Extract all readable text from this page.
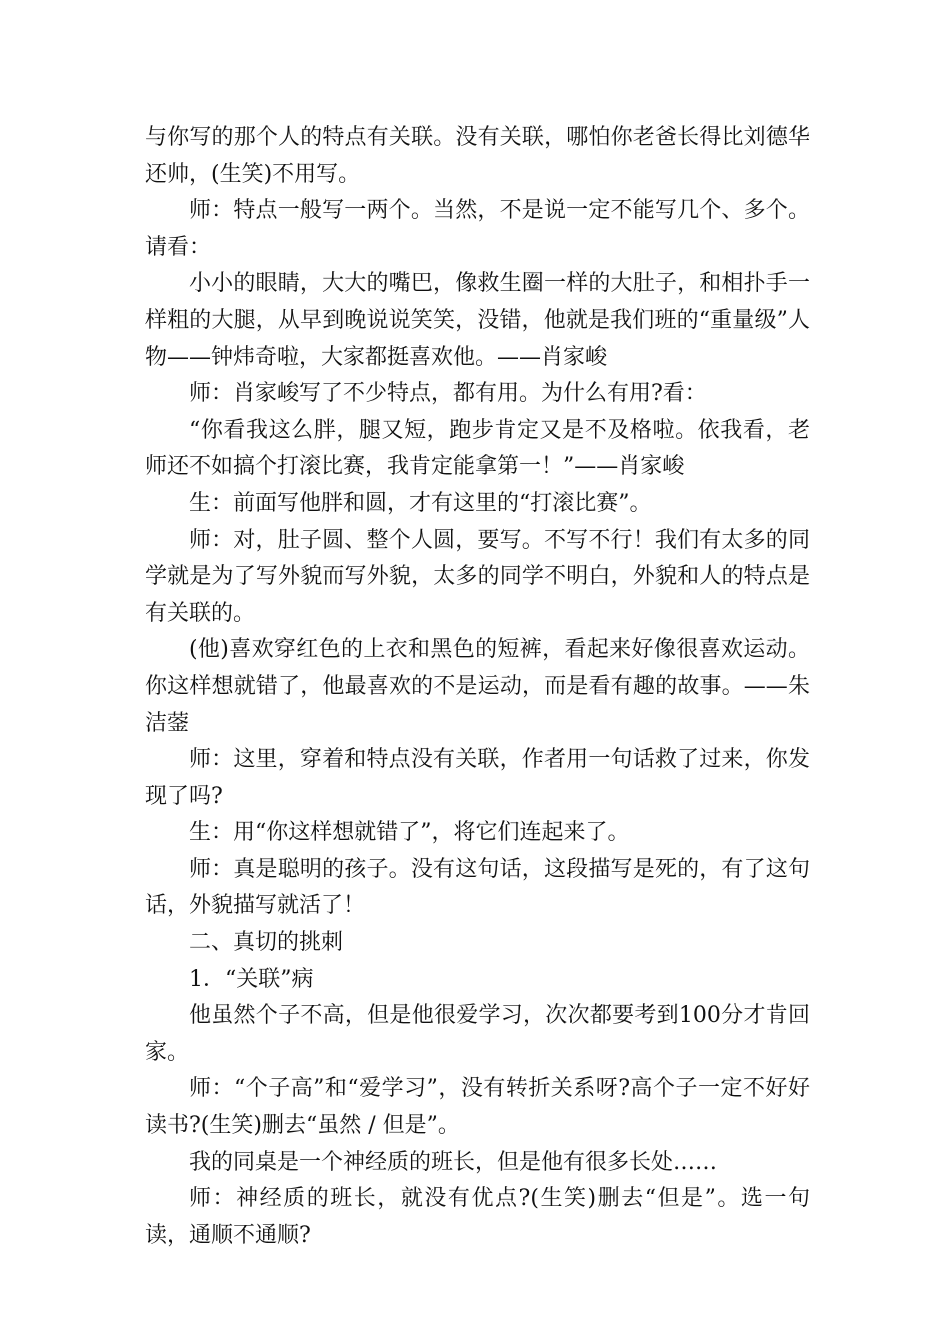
与你写的那个人的特点有关联。没有关联，哪怕你老爸长得比刘德华还帅，(生笑)不用写。

师：特点一般写一两个。当然，不是说一定不能写几个、多个。请看：

小小的眼睛，大大的嘴巴，像救生圈一样的大肚子，和相扑手一样粗的大腿，从早到晚说说笑笑，没错，他就是我们班的“重量级”人物——钟炜奇啦，大家都挺喜欢他。——肖家峻

师：肖家峻写了不少特点，都有用。为什么有用?看：

“你看我这么胖，腿又短，跑步肯定又是不及格啦。依我看，老师还不如搞个打滚比赛，我肯定能拿第一！”——肖家峻

生：前面写他胖和圆，才有这里的“打滚比赛”。

师：对，肚子圆、整个人圆，要写。不写不行！我们有太多的同学就是为了写外貌而写外貌，太多的同学不明白，外貌和人的特点是有关联的。

(他)喜欢穿红色的上衣和黑色的短裤，看起来好像很喜欢运动。你这样想就错了，他最喜欢的不是运动，而是看有趣的故事。——朱洁蓥

师：这里，穿着和特点没有关联，作者用一句话救了过来，你发现了吗?

生：用“你这样想就错了”，将它们连起来了。

师：真是聪明的孩子。没有这句话，这段描写是死的，有了这句话，外貌描写就活了！

二、真切的挑刺

1．“关联”病

他虽然个子不高，但是他很爱学习，次次都要考到100分才肯回家。

师：“个子高”和“爱学习”，没有转折关系呀?高个子一定不好好读书?(生笑)删去“虽然 / 但是”。

我的同桌是一个神经质的班长，但是他有很多长处……

师：神经质的班长，就没有优点?(生笑)删去“但是”。选一句读，通顺不通顺?
